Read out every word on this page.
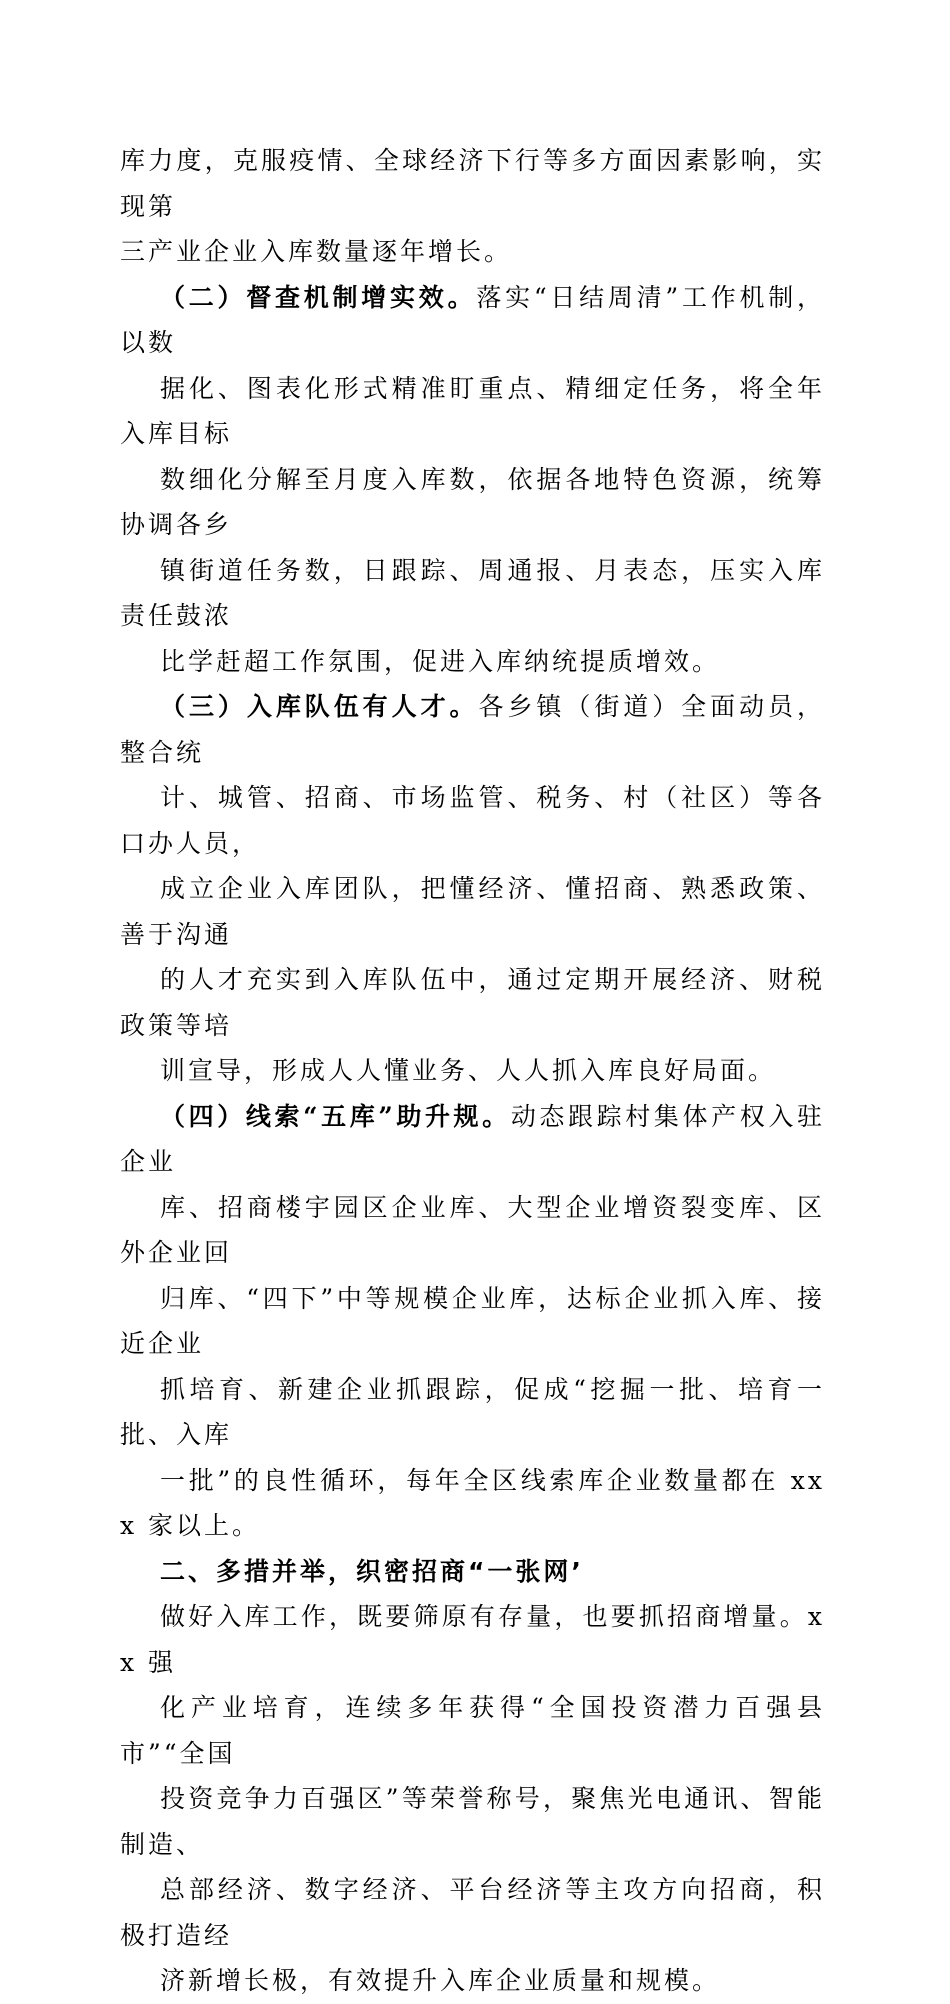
库力度，克服疫情、全球经济下行等多方面因素影响，实现第
三产业企业入库数量逐年增长。

（二）督查机制增实效。落实“日结周清”工作机制，以数
据化、图表化形式精准盯重点、精细定任务，将全年入库目标
数细化分解至月度入库数，依据各地特色资源，统筹协调各乡
镇街道任务数，日跟踪、周通报、月表态，压实入库责任鼓浓
比学赶超工作氛围，促进入库纳统提质增效。

（三）入库队伍有人才。各乡镇（街道）全面动员，整合统
计、城管、招商、市场监管、税务、村（社区）等各口办人员，
成立企业入库团队，把懂经济、懂招商、熟悉政策、善于沟通
的人才充实到入库队伍中，通过定期开展经济、财税政策等培
训宣导，形成人人懂业务、人人抓入库良好局面。

（四）线索“五库”助升规。动态跟踪村集体产权入驻企业
库、招商楼宇园区企业库、大型企业增资裂变库、区外企业回
归库、“四下”中等规模企业库，达标企业抓入库、接近企业
抓培育、新建企业抓跟踪，促成“挖掘一批、培育一批、入库
一批”的良性循环，每年全区线索库企业数量都在 xxx 家以上。

二、多措并举，织密招商“一张网’

做好入库工作，既要筛原有存量，也要抓招商增量。xx 强
化产业培育，连续多年获得“全国投资潜力百强县市”“全国
投资竞争力百强区”等荣誉称号，聚焦光电通讯、智能制造、
总部经济、数字经济、平台经济等主攻方向招商，积极打造经
济新增长极，有效提升入库企业质量和规模。
